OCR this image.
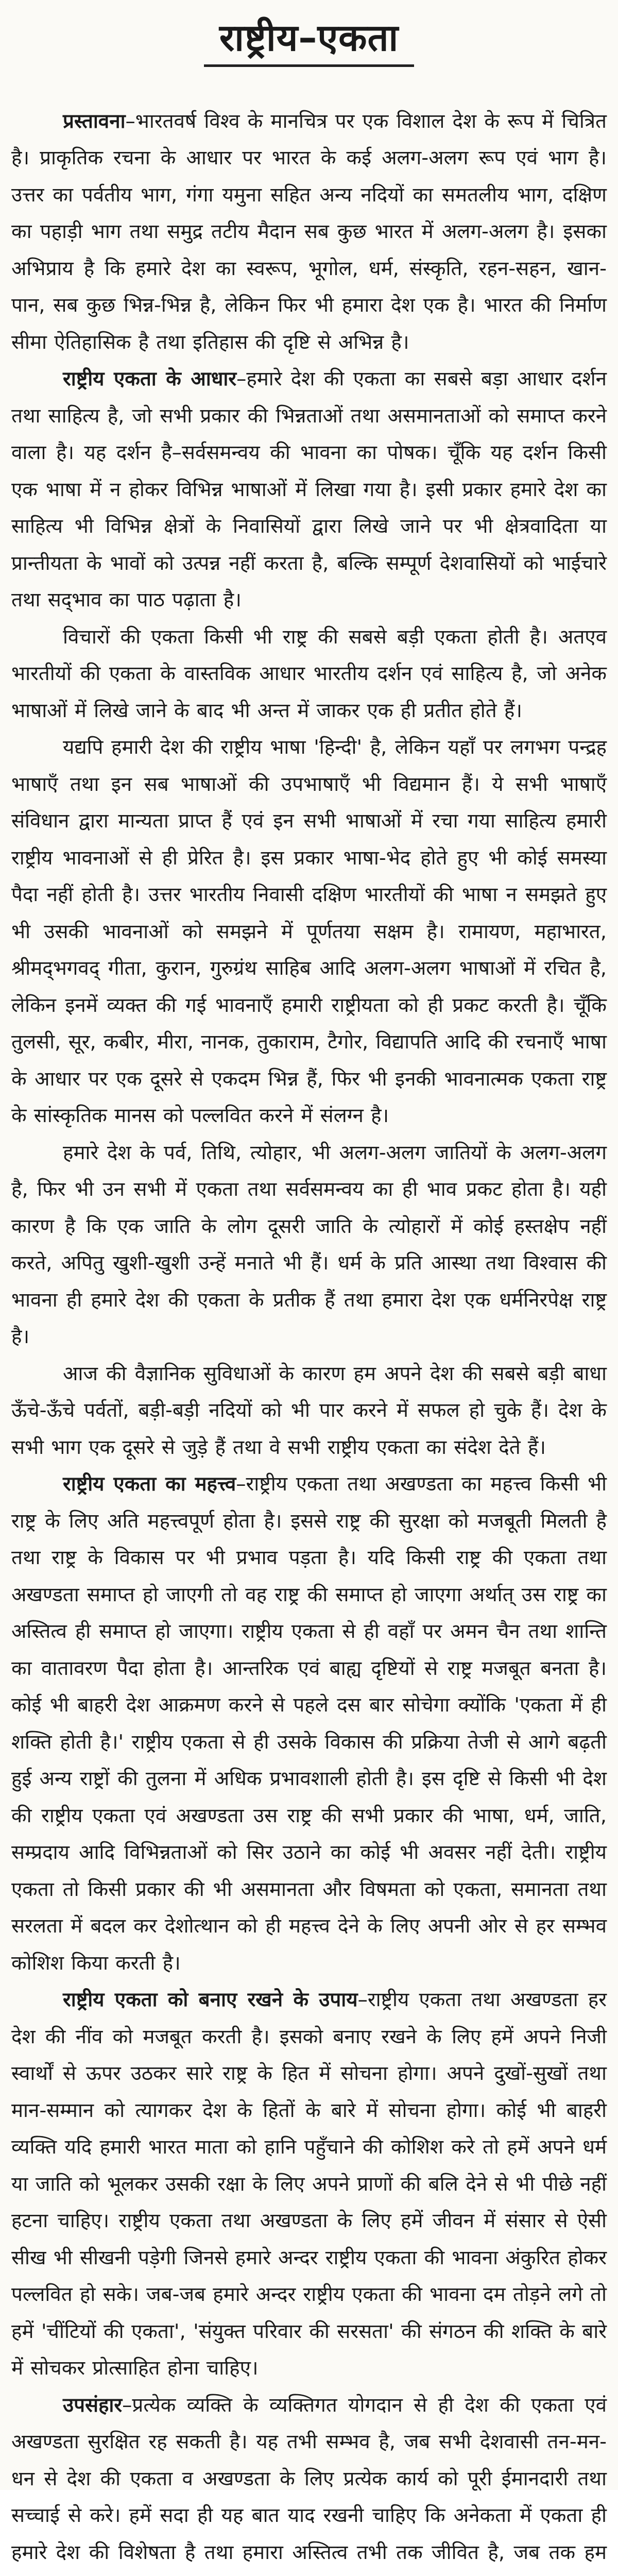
राष्ट्रीय–एकता

प्रस्तावना–भारतवर्ष विश्व के मानचित्र पर एक विशाल देश के रूप में चित्रित है। प्राकृतिक रचना के आधार पर भारत के कई अलग-अलग रूप एवं भाग है। उत्तर का पर्वतीय भाग, गंगा यमुना सहित अन्य नदियों का समतलीय भाग, दक्षिण का पहाड़ी भाग तथा समुद्र तटीय मैदान सब कुछ भारत में अलग-अलग है। इसका अभिप्राय है कि हमारे देश का स्वरूप, भूगोल, धर्म, संस्कृति, रहन-सहन, खान-पान, सब कुछ भिन्न-भिन्न है, लेकिन फिर भी हमारा देश एक है। भारत की निर्माण सीमा ऐतिहासिक है तथा इतिहास की दृष्टि से अभिन्न है।

राष्ट्रीय एकता के आधार–हमारे देश की एकता का सबसे बड़ा आधार दर्शन तथा साहित्य है, जो सभी प्रकार की भिन्नताओं तथा असमानताओं को समाप्त करने वाला है। यह दर्शन है–सर्वसमन्वय की भावना का पोषक। चूँकि यह दर्शन किसी एक भाषा में न होकर विभिन्न भाषाओं में लिखा गया है। इसी प्रकार हमारे देश का साहित्य भी विभिन्न क्षेत्रों के निवासियों द्वारा लिखे जाने पर भी क्षेत्रवादिता या प्रान्तीयता के भावों को उत्पन्न नहीं करता है, बल्कि सम्पूर्ण देशवासियों को भाईचारे तथा सद्‌भाव का पाठ पढ़ाता है।

विचारों की एकता किसी भी राष्ट्र की सबसे बड़ी एकता होती है। अतएव भारतीयों की एकता के वास्तविक आधार भारतीय दर्शन एवं साहित्य है, जो अनेक भाषाओं में लिखे जाने के बाद भी अन्त में जाकर एक ही प्रतीत होते हैं।

यद्यपि हमारी देश की राष्ट्रीय भाषा 'हिन्दी' है, लेकिन यहाँ पर लगभग पन्द्रह भाषाएँ तथा इन सब भाषाओं की उपभाषाएँ भी विद्यमान हैं। ये सभी भाषाएँ संविधान द्वारा मान्यता प्राप्त हैं एवं इन सभी भाषाओं में रचा गया साहित्य हमारी राष्ट्रीय भावनाओं से ही प्रेरित है। इस प्रकार भाषा-भेद होते हुए भी कोई समस्या पैदा नहीं होती है। उत्तर भारतीय निवासी दक्षिण भारतीयों की भाषा न समझते हुए भी उसकी भावनाओं को समझने में पूर्णतया सक्षम है। रामायण, महाभारत, श्रीमद्‌भगवद्‌ गीता, कुरान, गुरुग्रंथ साहिब आदि अलग-अलग भाषाओं में रचित है, लेकिन इनमें व्यक्त की गई भावनाएँ हमारी राष्ट्रीयता को ही प्रकट करती है। चूँकि तुलसी, सूर, कबीर, मीरा, नानक, तुकाराम, टैगोर, विद्यापति आदि की रचनाएँ भाषा के आधार पर एक दूसरे से एकदम भिन्न हैं, फिर भी इनकी भावनात्मक एकता राष्ट्र के सांस्कृतिक मानस को पल्लवित करने में संलग्न है।

हमारे देश के पर्व, तिथि, त्योहार, भी अलग-अलग जातियों के अलग-अलग है, फिर भी उन सभी में एकता तथा सर्वसमन्वय का ही भाव प्रकट होता है। यही कारण है कि एक जाति के लोग दूसरी जाति के त्योहारों में कोई हस्तक्षेप नहीं करते, अपितु खुशी-खुशी उन्हें मनाते भी हैं। धर्म के प्रति आस्था तथा विश्वास की भावना ही हमारे देश की एकता के प्रतीक हैं तथा हमारा देश एक धर्मनिरपेक्ष राष्ट्र है।

आज की वैज्ञानिक सुविधाओं के कारण हम अपने देश की सबसे बड़ी बाधा ऊँचे-ऊँचे पर्वतों, बड़ी-बड़ी नदियों को भी पार करने में सफल हो चुके हैं। देश के सभी भाग एक दूसरे से जुड़े हैं तथा वे सभी राष्ट्रीय एकता का संदेश देते हैं।

राष्ट्रीय एकता का महत्त्व–राष्ट्रीय एकता तथा अखण्डता का महत्त्व किसी भी राष्ट्र के लिए अति महत्त्वपूर्ण होता है। इससे राष्ट्र की सुरक्षा को मजबूती मिलती है तथा राष्ट्र के विकास पर भी प्रभाव पड़ता है। यदि किसी राष्ट्र की एकता तथा अखण्डता समाप्त हो जाएगी तो वह राष्ट्र की समाप्त हो जाएगा अर्थात्‌ उस राष्ट्र का अस्तित्व ही समाप्त हो जाएगा। राष्ट्रीय एकता से ही वहाँ पर अमन चैन तथा शान्ति का वातावरण पैदा होता है। आन्तरिक एवं बाह्य दृष्टियों से राष्ट्र मजबूत बनता है। कोई भी बाहरी देश आक्रमण करने से पहले दस बार सोचेगा क्योंकि 'एकता में ही शक्ति होती है।' राष्ट्रीय एकता से ही उसके विकास की प्रक्रिया तेजी से आगे बढ़ती हुई अन्य राष्ट्रों की तुलना में अधिक प्रभावशाली होती है। इस दृष्टि से किसी भी देश की राष्ट्रीय एकता एवं अखण्डता उस राष्ट्र की सभी प्रकार की भाषा, धर्म, जाति, सम्प्रदाय आदि विभिन्नताओं को सिर उठाने का कोई भी अवसर नहीं देती। राष्ट्रीय एकता तो किसी प्रकार की भी असमानता और विषमता को एकता, समानता तथा सरलता में बदल कर देशोत्थान को ही महत्त्व देने के लिए अपनी ओर से हर सम्भव कोशिश किया करती है।

राष्ट्रीय एकता को बनाए रखने के उपाय–राष्ट्रीय एकता तथा अखण्डता हर देश की नींव को मजबूत करती है। इसको बनाए रखने के लिए हमें अपने निजी स्वार्थों से ऊपर उठकर सारे राष्ट्र के हित में सोचना होगा। अपने दुखों-सुखों तथा मान-सम्मान को त्यागकर देश के हितों के बारे में सोचना होगा। कोई भी बाहरी व्यक्ति यदि हमारी भारत माता को हानि पहुँचाने की कोशिश करे तो हमें अपने धर्म या जाति को भूलकर उसकी रक्षा के लिए अपने प्राणों की बलि देने से भी पीछे नहीं हटना चाहिए। राष्ट्रीय एकता तथा अखण्डता के लिए हमें जीवन में संसार से ऐसी सीख भी सीखनी पड़ेगी जिनसे हमारे अन्दर राष्ट्रीय एकता की भावना अंकुरित होकर पल्लवित हो सके। जब-जब हमारे अन्दर राष्ट्रीय एकता की भावना दम तोड़ने लगे तो हमें 'चींटियों की एकता', 'संयुक्त परिवार की सरसता' की संगठन की शक्ति के बारे में सोचकर प्रोत्साहित होना चाहिए।

उपसंहार–प्रत्येक व्यक्ति के व्यक्तिगत योगदान से ही देश की एकता एवं अखण्डता सुरक्षित रह सकती है। यह तभी सम्भव है, जब सभी देशवासी तन-मन-धन से देश की एकता व अखण्डता के लिए प्रत्येक कार्य को पूरी ईमानदारी तथा सच्चाई से करे। हमें सदा ही यह बात याद रखनी चाहिए कि अनेकता में एकता ही हमारे देश की विशेषता है तथा हमारा अस्तित्व तभी तक जीवित है, जब तक हम
